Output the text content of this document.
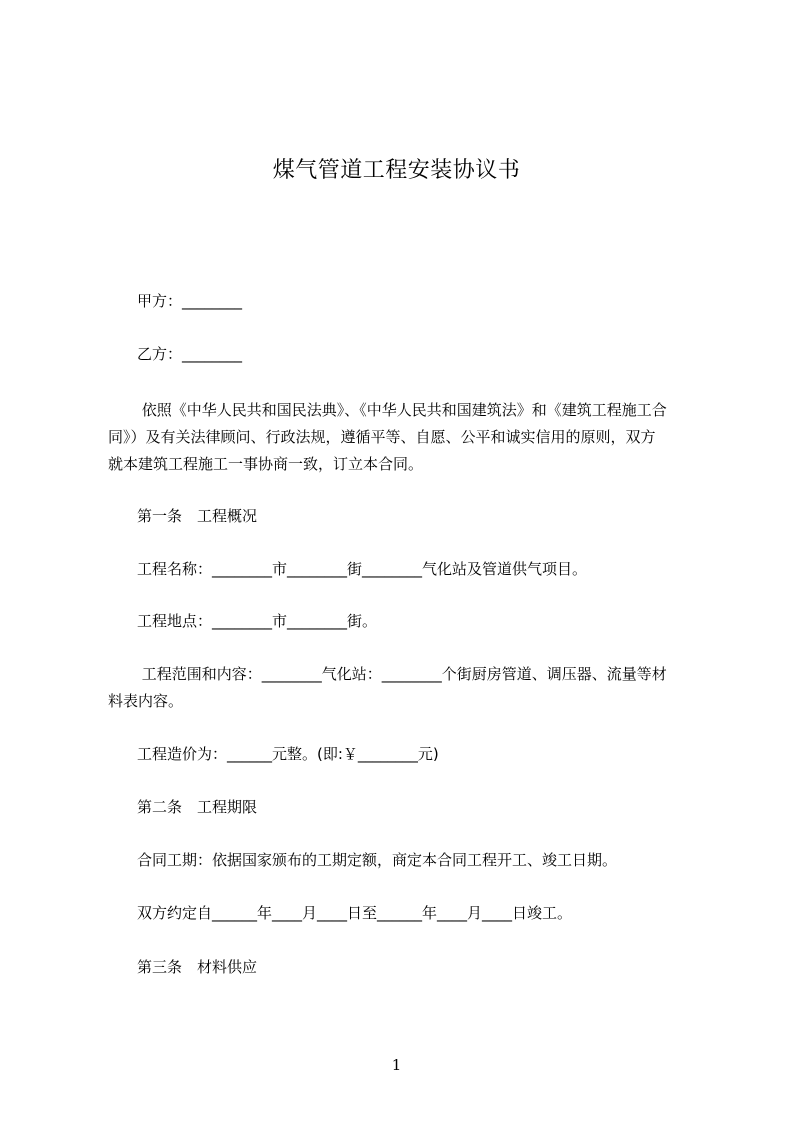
煤气管道工程安装协议书
甲方：________
乙方：________
依照《中华人民共和国民法典》、《中华人民共和国建筑法》和《建筑工程施工合
同》）及有关法律顾问、行政法规，遵循平等、自愿、公平和诚实信用的原则，双方
就本建筑工程施工一事协商一致，订立本合同。
第一条　工程概况
工程名称：________市________街________气化站及管道供气项目。
工程地点：________市________街。
工程范围和内容：________气化站：________个街厨房管道、调压器、流量等材
料表内容。
工程造价为：______元整。(即:￥________元)
第二条　工程期限
合同工期：依据国家颁布的工期定额，商定本合同工程开工、竣工日期。
双方约定自______年____月____日至______年____月____日竣工。
第三条　材料供应
1
